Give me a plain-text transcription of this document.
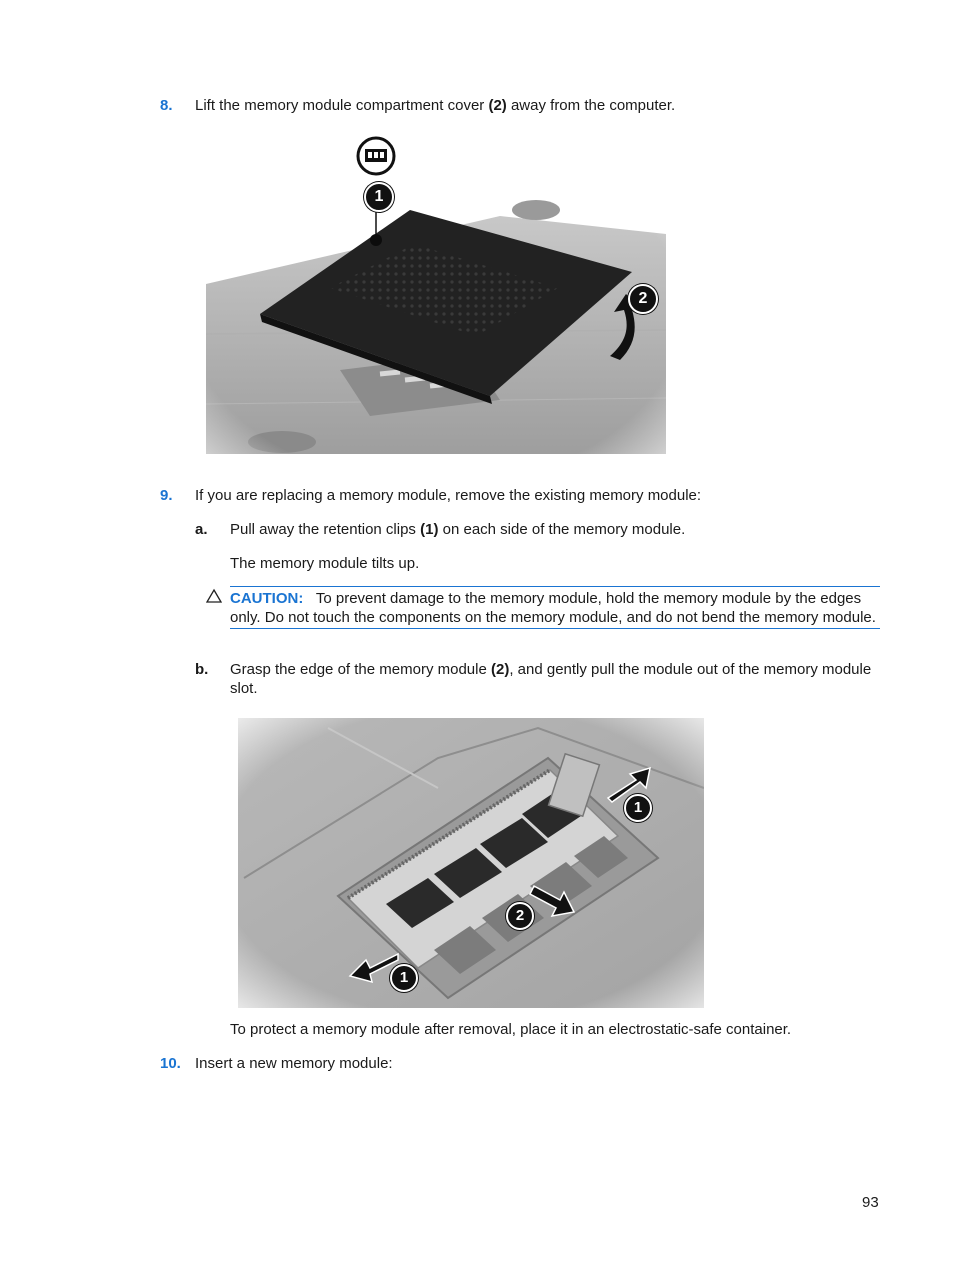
8. Lift the memory module compartment cover (2) away from the computer.
1
2
9. If you are replacing a memory module, remove the existing memory module:
a. Pull away the retention clips (1) on each side of the memory module.
The memory module tilts up.
CAUTION: To prevent damage to the memory module, hold the memory module by the edges only. Do not touch the components on the memory module, and do not bend the memory module.
b. Grasp the edge of the memory module (2), and gently pull the module out of the memory module slot.
1
2
1
To protect a memory module after removal, place it in an electrostatic-safe container.
10. Insert a new memory module:
93
